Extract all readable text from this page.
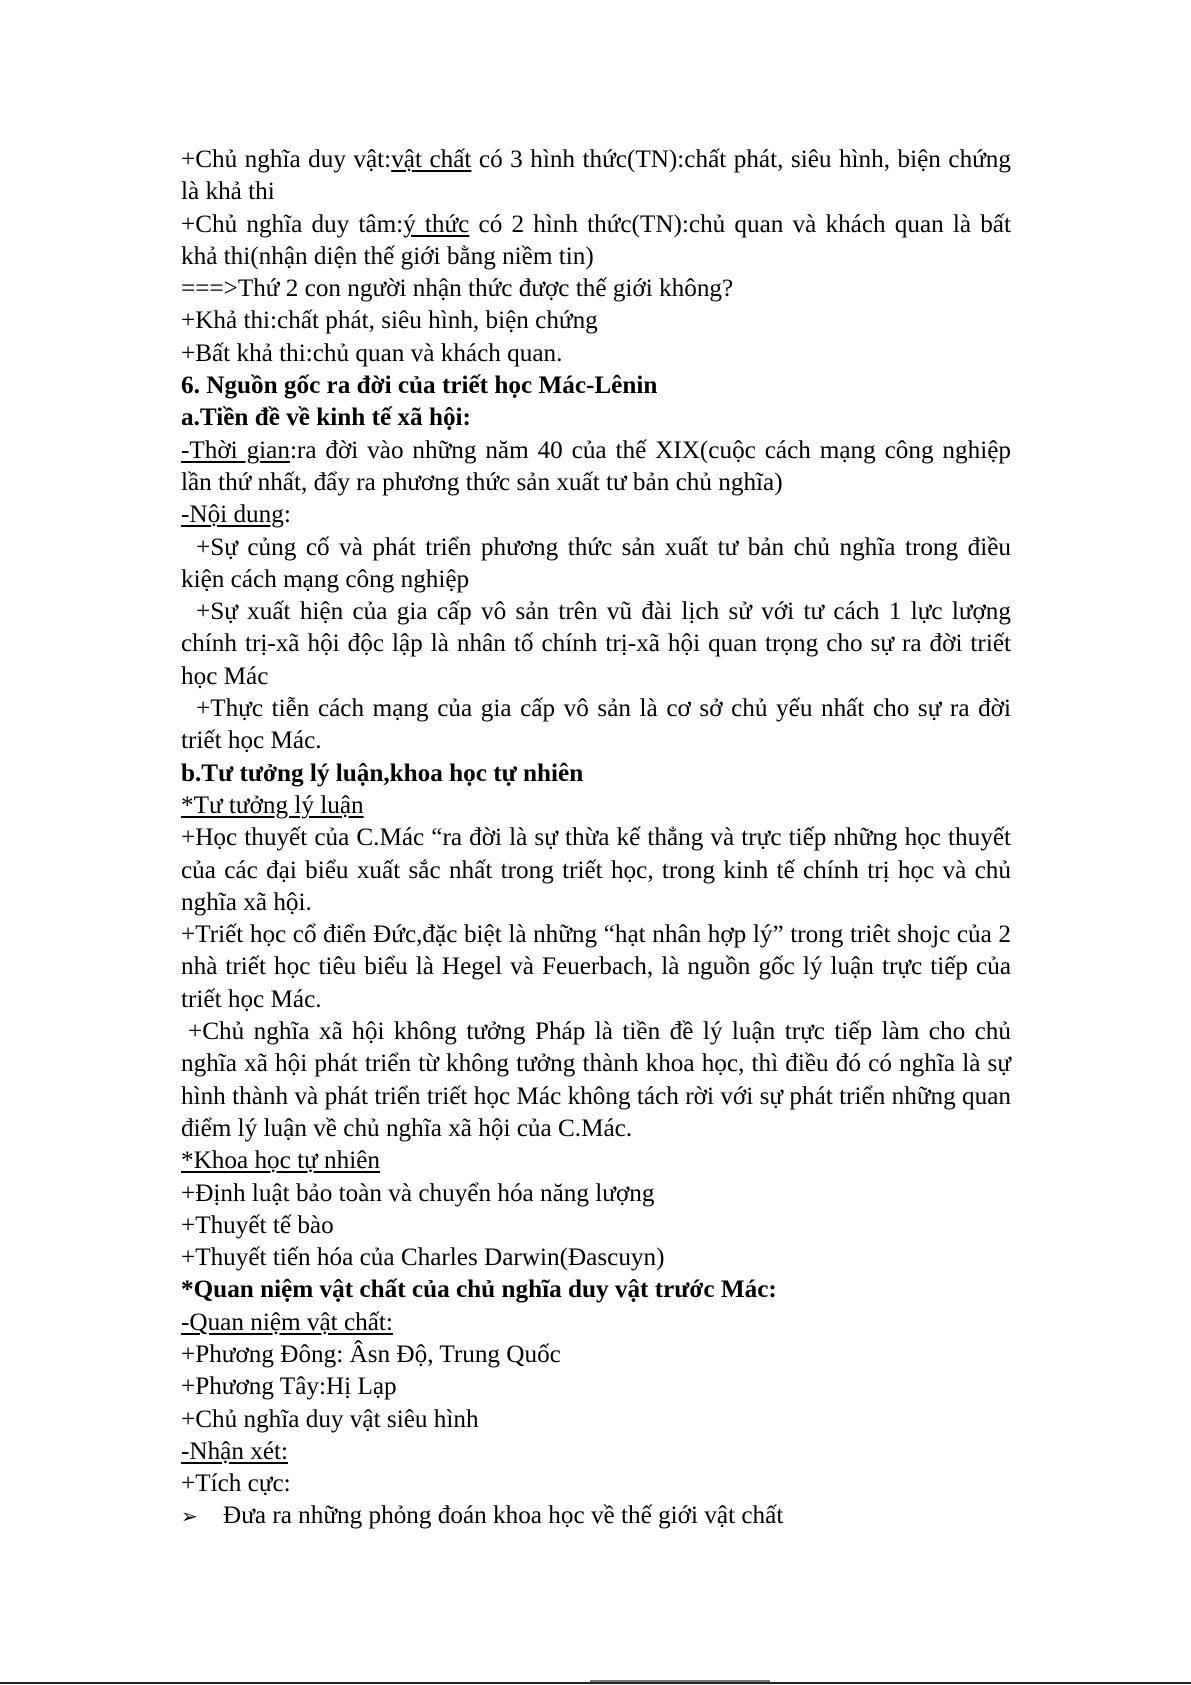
+Chủ nghĩa duy vật:vật chất có 3 hình thức(TN):chất phát, siêu hình, biện chứng là khả thi

+Chủ nghĩa duy tâm:ý thức có 2 hình thức(TN):chủ quan và khách quan là bất khả thi(nhận diện thế giới bằng niềm tin)

===>Thứ 2 con người nhận thức được thế giới không?
+Khả thi:chất phát, siêu hình, biện chứng
+Bất khả thi:chủ quan và khách quan.
6. Nguồn gốc ra đời của triết học Mác-Lênin
a.Tiền đề về kinh tế xã hội:

-Thời gian:ra đời vào những năm 40 của thế XIX(cuộc cách mạng công nghiệp lần thứ nhất, đẩy ra phương thức sản xuất tư bản chủ nghĩa)

-Nội dung:

+Sự củng cố và phát triển phương thức sản xuất tư bản chủ nghĩa trong điều kiện cách mạng công nghiệp

+Sự xuất hiện của gia cấp vô sản trên vũ đài lịch sử với tư cách 1 lực lượng chính trị-xã hội độc lập là nhân tố chính trị-xã hội quan trọng cho sự ra đời triết học Mác

+Thực tiễn cách mạng của gia cấp vô sản là cơ sở chủ yếu nhất cho sự ra đời triết học Mác.

b.Tư tưởng lý luận,khoa học tự nhiên
*Tư tưởng lý luận

+Học thuyết của C.Mác “ra đời là sự thừa kế thẳng và trực tiếp những học thuyết của các đại biểu xuất sắc nhất trong triết học, trong kinh tế chính trị học và chủ nghĩa xã hội.

+Triết học cổ điển Đức,đặc biệt là những “hạt nhân hợp lý” trong triêt shojc của 2 nhà triết học tiêu biểu là Hegel và Feuerbach, là nguồn gốc lý luận trực tiếp của triết học Mác.

+Chủ nghĩa xã hội không tưởng Pháp là tiền đề lý luận trực tiếp làm cho chủ nghĩa xã hội phát triển từ không tưởng thành khoa học, thì điều đó có nghĩa là sự hình thành và phát triển triết học Mác không tách rời với sự phát triển những quan điểm lý luận về chủ nghĩa xã hội của C.Mác.

*Khoa học tự nhiên
+Định luật bảo toàn và chuyển hóa năng lượng
+Thuyết tế bào
+Thuyết tiến hóa của Charles Darwin(Đascuyn)
*Quan niệm vật chất của chủ nghĩa duy vật trước Mác:
-Quan niệm vật chất:
+Phương Đông: Âsn Độ, Trung Quốc
+Phương Tây:Hị Lạp
+Chủ nghĩa duy vật siêu hình
-Nhận xét:
+Tích cực:
➢	Đưa ra những phỏng đoán khoa học về thế giới vật chất
